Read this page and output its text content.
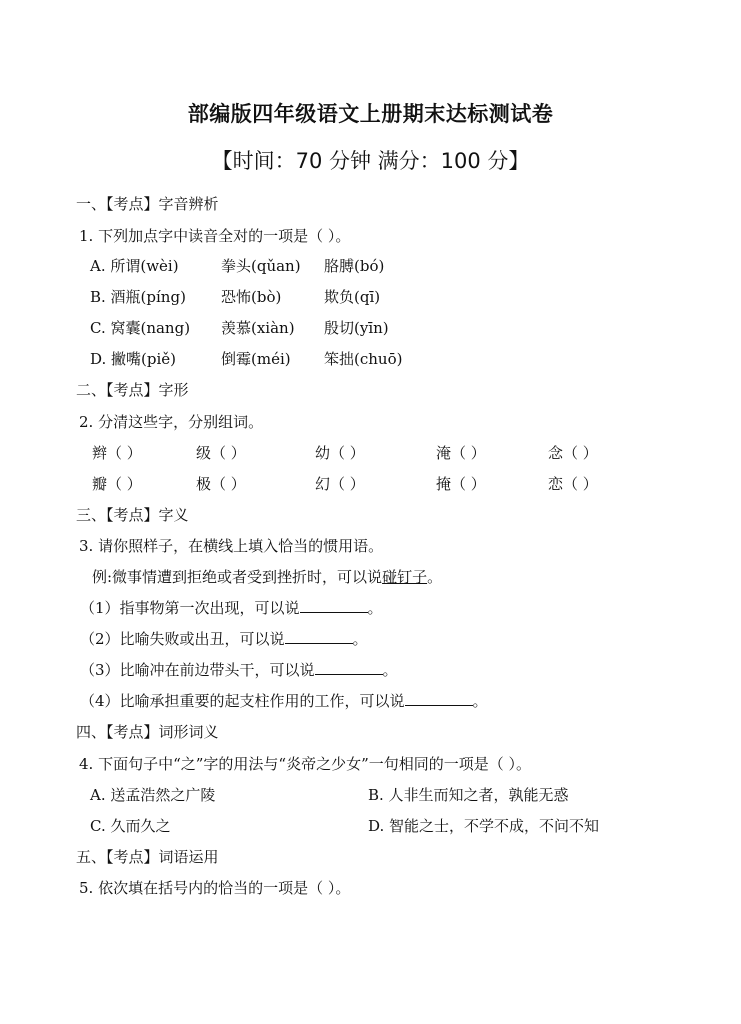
部编版四年级语文上册期末达标测试卷
【时间：70 分钟 满分：100 分】
一、【考点】字音辨析
1. 下列加点字中读音全对的一项是（ ）。
A. 所谓(wèi)	拳头(qǔan) 胳膊(bó)
B. 酒瓶(píng) 恐怖(bò)	欺负(qī)
C. 窝囊(nang) 羡慕(xiàn) 殷切(yīn)
D. 撇嘴(piě)	倒霉(méi) 笨拙(chuō)
二、【考点】字形
2. 分清这些字，分别组词。
辫（ ）	级（ ）	幼（ ）	淹（ ）	念（ ）
瓣（ ）	极（ ）	幻（ ）	掩（ ）	恋（ ）
三、【考点】字义
3. 请你照样子，在横线上填入恰当的惯用语。
例:微事情遭到拒绝或者受到挫折时，可以说碰钉子。
（1）指事物第一次出现，可以说	。
（2）比喻失败或出丑，可以说	。
（3）比喻冲在前边带头干，可以说	。
（4）比喻承担重要的起支柱作用的工作，可以说	。
四、【考点】词形词义
4. 下面句子中“之”字的用法与“炎帝之少女”一句相同的一项是（ ）。
A. 送孟浩然之广陵	B. 人非生而知之者，孰能无惑
C. 久而久之	D. 智能之士，不学不成，不问不知
五、【考点】词语运用
5. 依次填在括号内的恰当的一项是（ ）。
